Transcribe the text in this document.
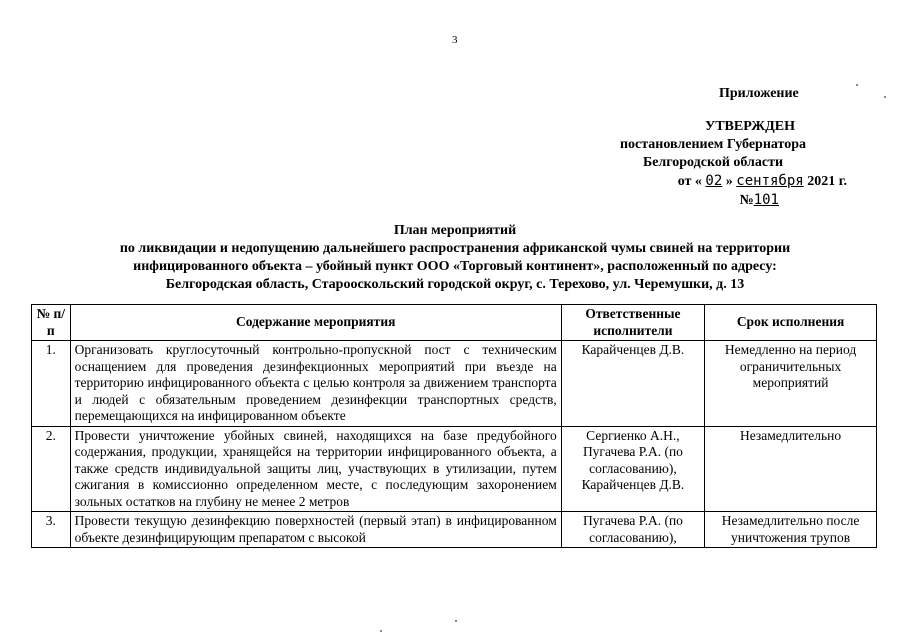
3
Приложение
УТВЕРЖДЕН
постановлением Губернатора
Белгородской области
от « 02 » сентября 2021 г.
№101
План мероприятий
по ликвидации и недопущению дальнейшего распространения африканской чумы свиней на территории
инфицированного объекта – убойный пункт ООО «Торговый континент», расположенный по адресу:
Белгородская область, Старооскольский городской округ, с. Терехово, ул. Черемушки, д. 13
№ п/п	Содержание мероприятия	Ответственные исполнители	Срок исполнения
1.	Организовать круглосуточный контрольно-пропускной пост с техническим оснащением для проведения дезинфекционных мероприятий при въезде на территорию инфицированного объекта с целью контроля за движением транспорта и людей с обязательным проведением дезинфекции транспортных средств, перемещающихся на инфицированном объекте	Карайченцев Д.В.	Немедленно на период ограничительных мероприятий
2.	Провести уничтожение убойных свиней, находящихся на базе предубойного содержания, продукции, хранящейся на территории инфицированного объекта, а также средств индивидуальной защиты лиц, участвующих в утилизации, путем сжигания в комиссионно определенном месте, с последующим захоронением зольных остатков на глубину не менее 2 метров	Сергиенко А.Н., Пугачева Р.А. (по согласованию), Карайченцев Д.В.	Незамедлительно
3.	Провести текущую дезинфекцию поверхностей (первый этап) в инфицированном объекте дезинфицирующим препаратом с высокой	Пугачева Р.А. (по согласованию),	Незамедлительно после уничтожения трупов
